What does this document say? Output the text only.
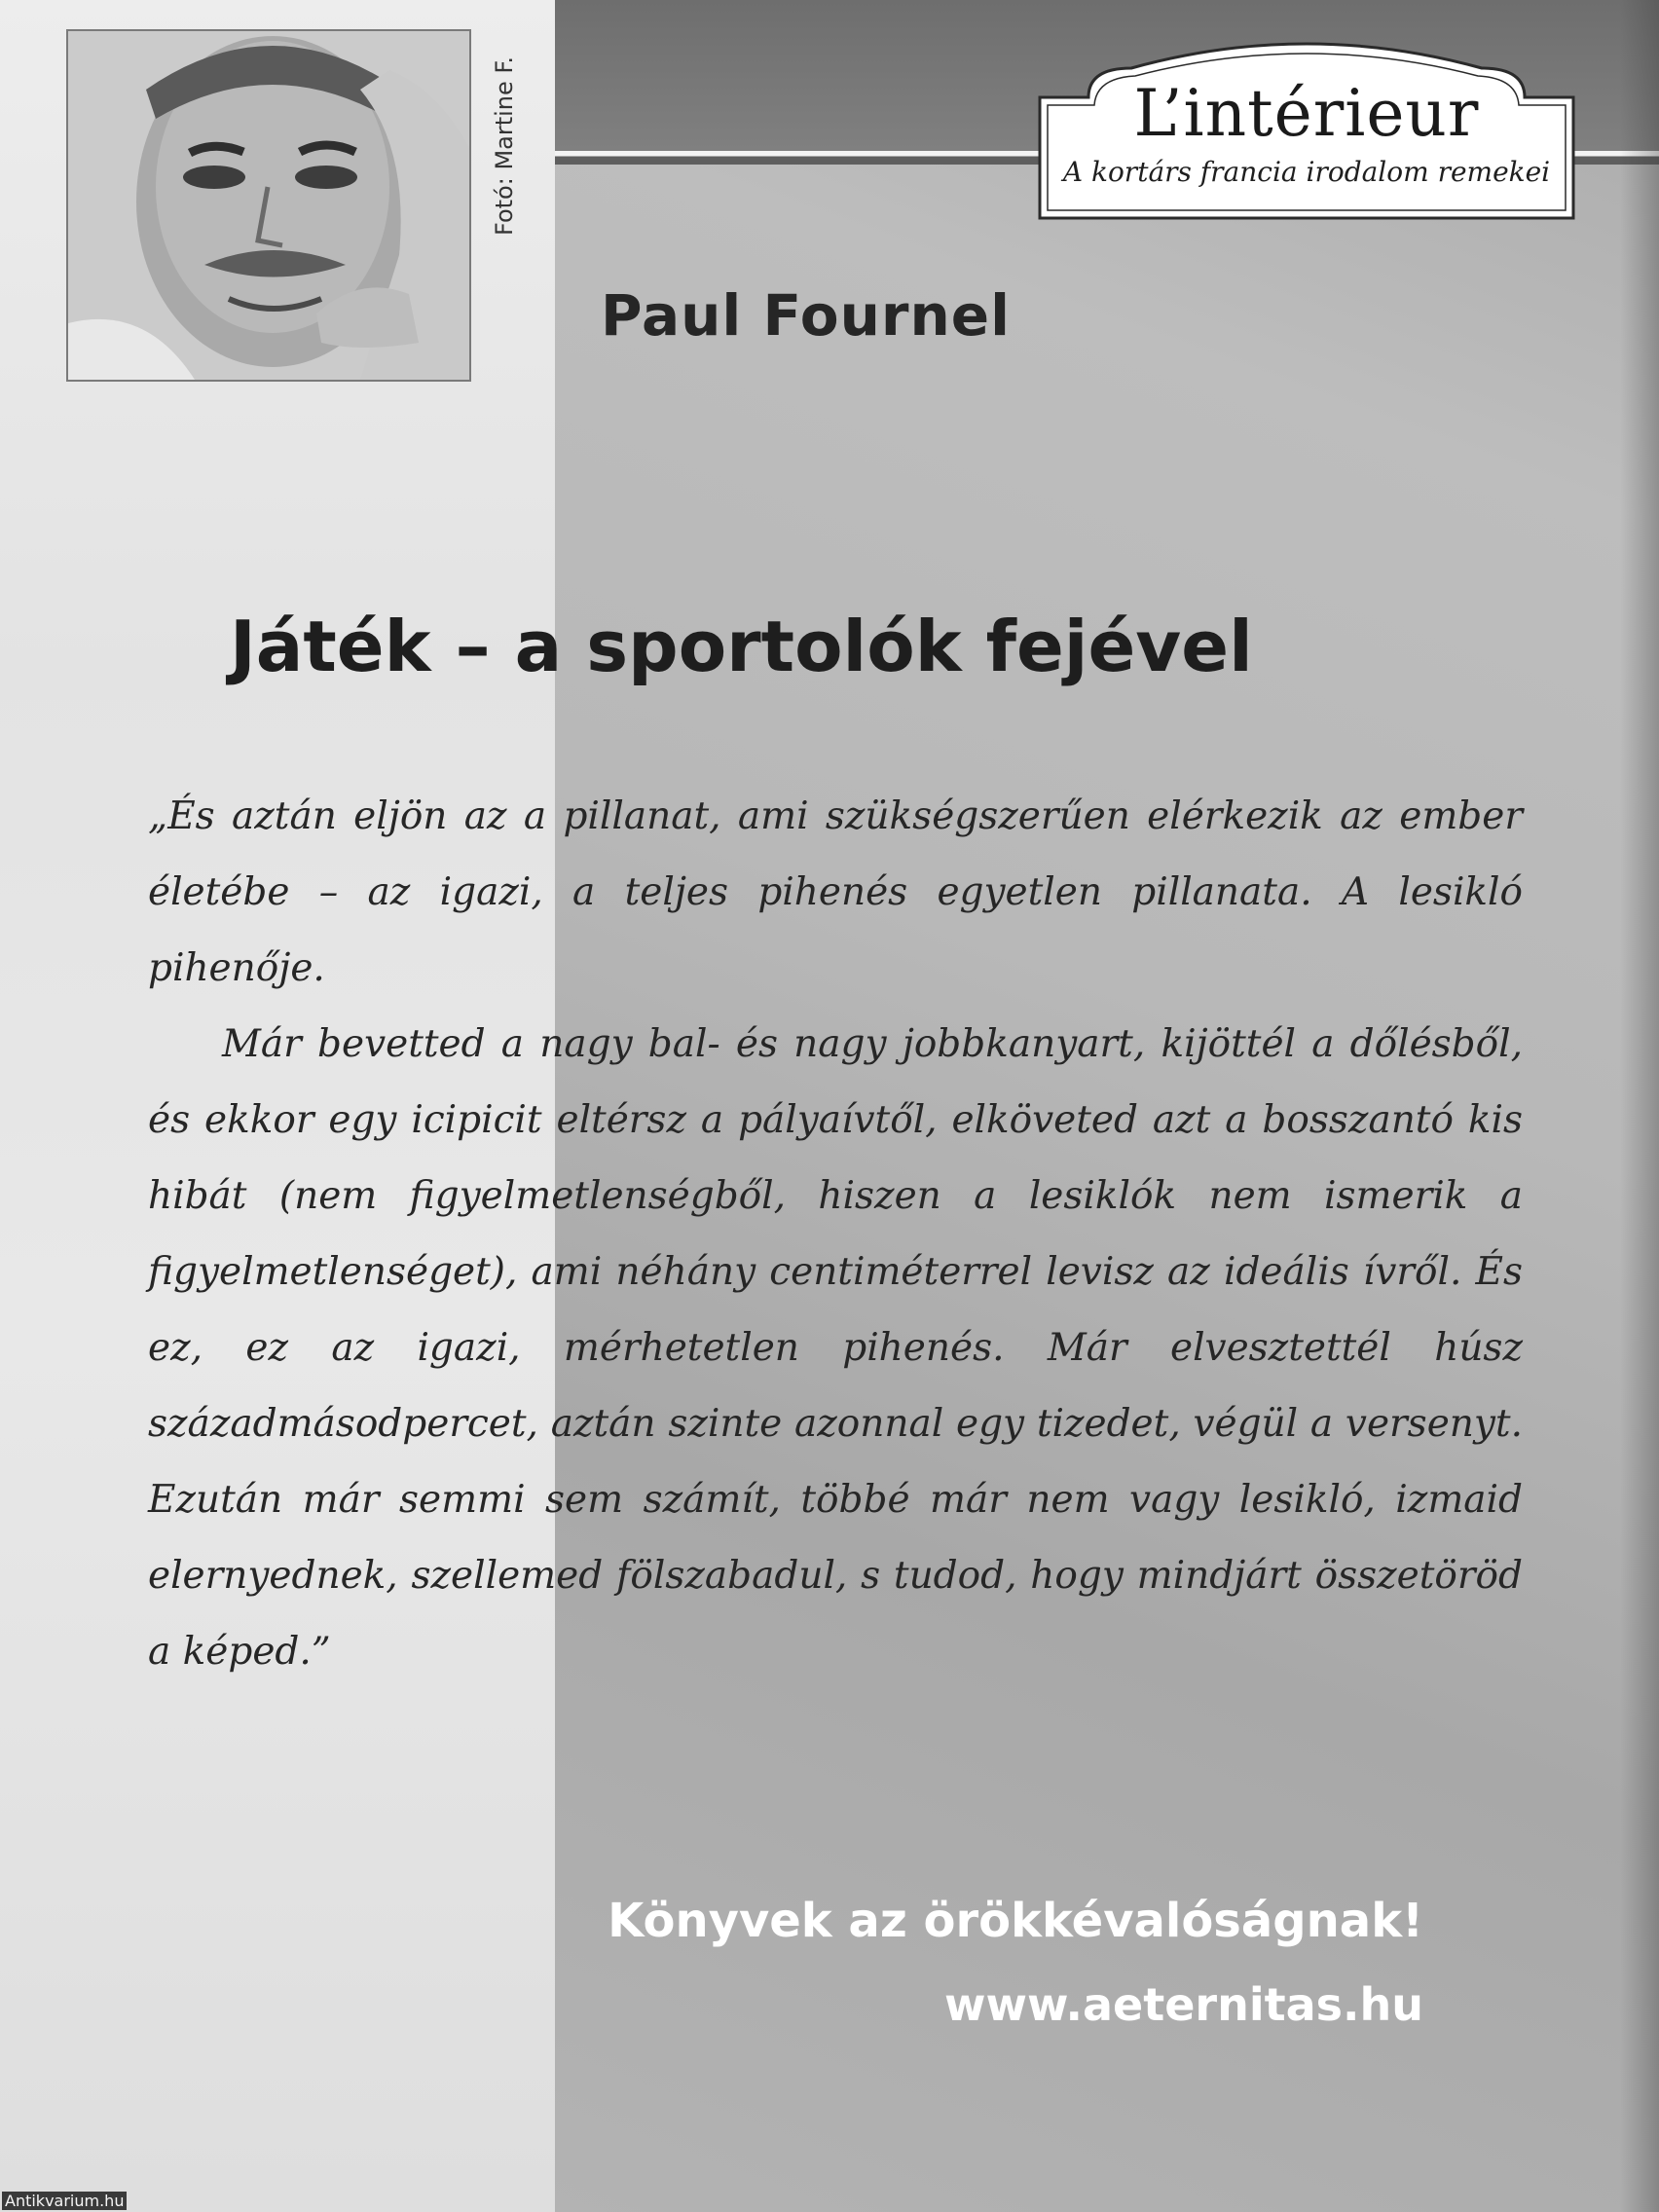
Fotó: Martine F.	L’intérieur
A kortárs francia irodalom remekei
Paul Fournel
Játék – a sportolók fejével

„És aztán eljön az a pillanat, ami szükségszerűen elérkezik az ember életébe – az igazi, a teljes pihenés egyetlen pillanata. A lesikló pihenője.

Már bevetted a nagy bal- és nagy jobbkanyart, kijöttél a dőlésből, és ekkor egy icipicit eltérsz a pályaívtől, elköveted azt a bosszantó kis hibát (nem figyelmetlenségből, hiszen a lesiklók nem ismerik a figyelmetlenséget), ami néhány centiméterrel levisz az ideális ívről. És ez, ez az igazi, mérhetetlen pihenés. Már elvesztettél húsz századmásodpercet, aztán szinte azonnal egy tizedet, végül a versenyt. Ezután már semmi sem számít, többé már nem vagy lesikló, izmaid elernyednek, szellemed fölszabadul, s tudod, hogy mindjárt összetöröd a képed.”

Könyvek az örökkévalóságnak!
www.aeternitas.hu
Antikvarium.hu
